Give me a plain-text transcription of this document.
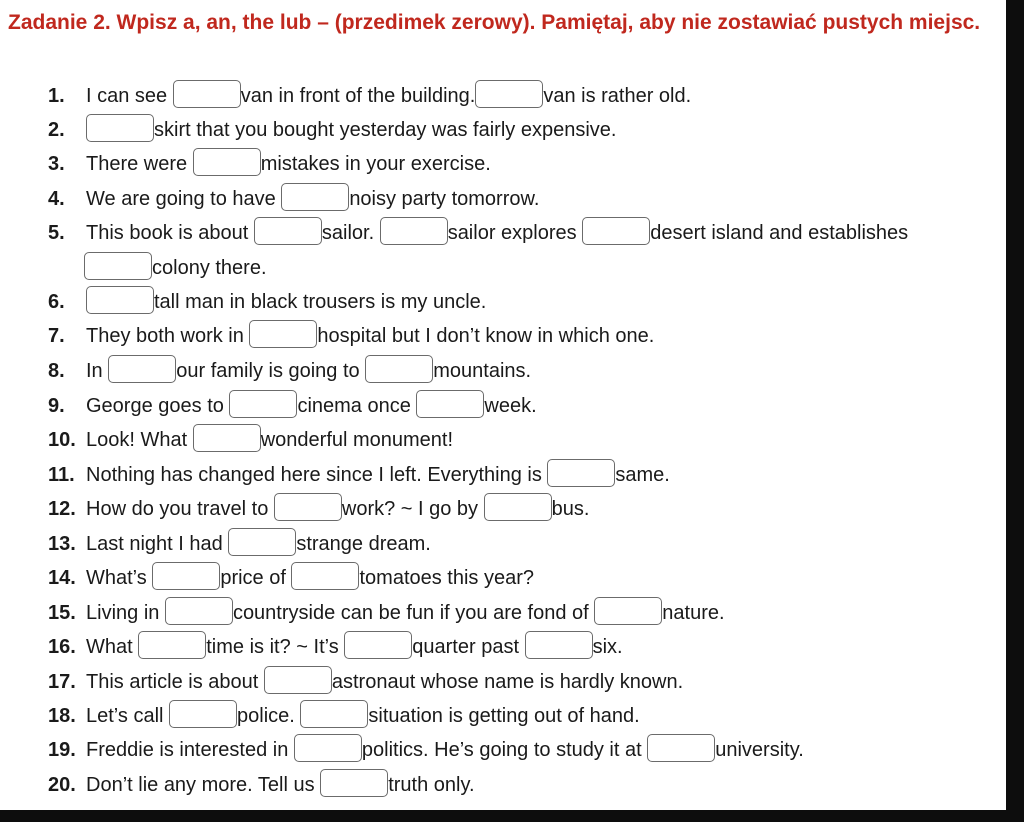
Zadanie 2. Wpisz a, an, the lub – (przedimek zerowy). Pamiętaj, aby nie zostawiać pustych miejsc.
1. I can see	van in front of the building.	van is rather old.
2.	skirt that you bought yesterday was fairly expensive.
3. There were	mistakes in your exercise.
4. We are going to have	noisy party tomorrow.
5. This book is about	sailor.	sailor explores	desert island and establishes
colony there.
6.	tall man in black trousers is my uncle.
7. They both work in	hospital but I don’t know in which one.
8. In	our family is going to	mountains.
9. George goes to	cinema once	week.
10. Look! What	wonderful monument!
11. Nothing has changed here since I left. Everything is	same.
12. How do you travel to	work? ~ I go by	bus.
13. Last night I had	strange dream.
14. What’s	price of	tomatoes this year?
15. Living in	countryside can be fun if you are fond of	nature.
16. What	time is it? ~ It’s	quarter past	six.
17. This article is about	astronaut whose name is hardly known.
18. Let’s call	police.	situation is getting out of hand.
19. Freddie is interested in	politics. He’s going to study it at	university.
20. Don’t lie any more. Tell us	truth only.
